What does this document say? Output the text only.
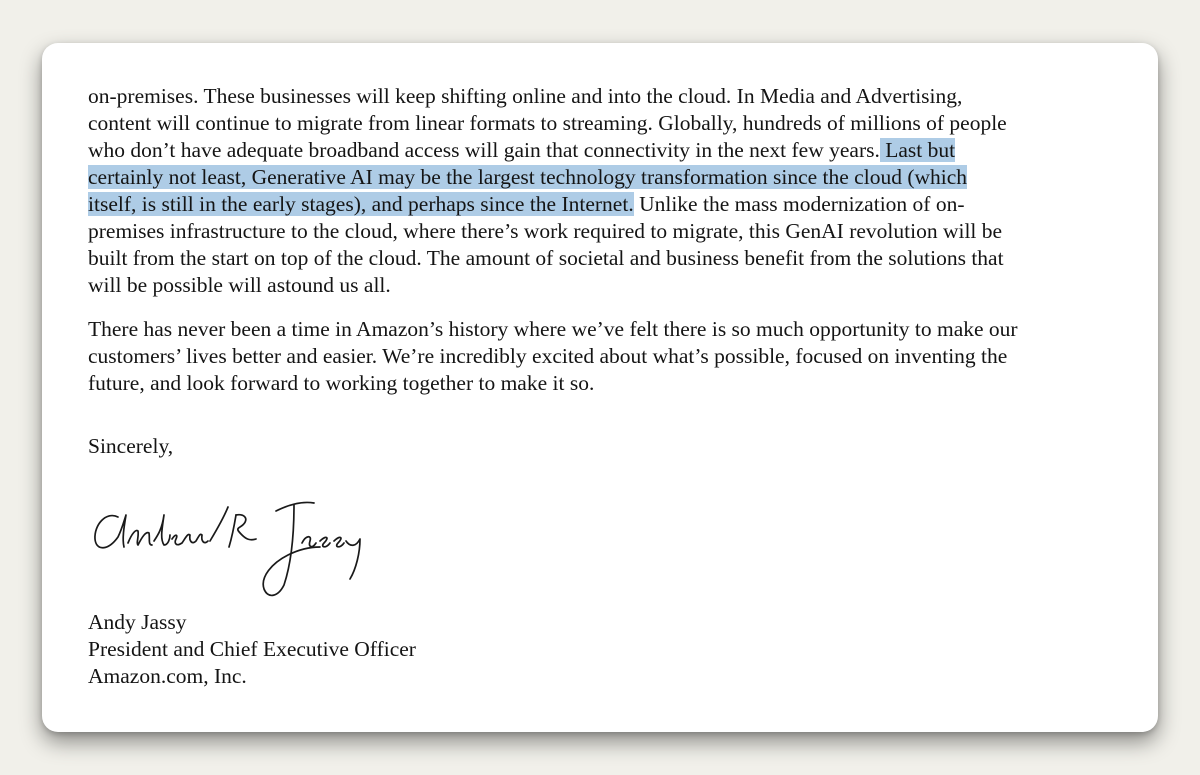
on-premises. These businesses will keep shifting online and into the cloud. In Media and Advertising,
content will continue to migrate from linear formats to streaming. Globally, hundreds of millions of people
who don’t have adequate broadband access will gain that connectivity in the next few years. Last but
certainly not least, Generative AI may be the largest technology transformation since the cloud (which
itself, is still in the early stages), and perhaps since the Internet. Unlike the mass modernization of on-
premises infrastructure to the cloud, where there’s work required to migrate, this GenAI revolution will be
built from the start on top of the cloud. The amount of societal and business benefit from the solutions that
will be possible will astound us all.

There has never been a time in Amazon’s history where we’ve felt there is so much opportunity to make our
customers’ lives better and easier. We’re incredibly excited about what’s possible, focused on inventing the
future, and look forward to working together to make it so.

Sincerely,

Andy Jassy
President and Chief Executive Officer
Amazon.com, Inc.
